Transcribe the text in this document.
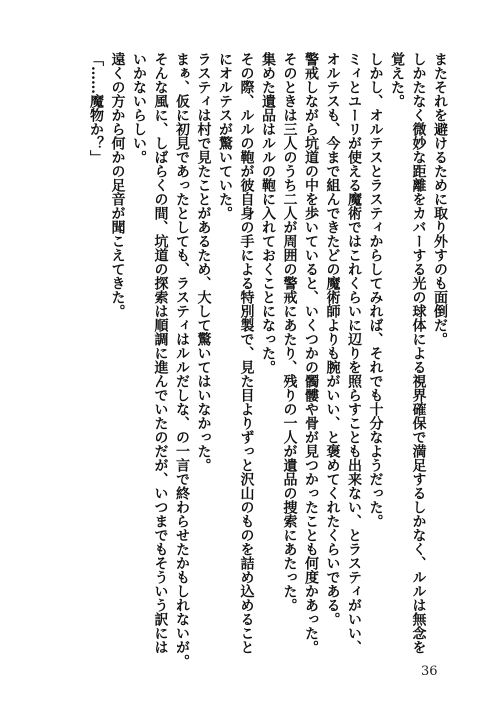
またそれを避けるために取り外すのも面倒だ。
しかたなく微妙な距離をカバーする光の球体による視界確保で満足するしかなく、ルルは無念を
覚えた。
しかし、オルテスとラスティからしてみれば、それでも十分なようだった。
ミィとユーリが使える魔術ではこれくらいに辺りを照らすことも出来ない、とラスティがいい、
オルテスも、今まで組んできたどの魔術師よりも腕がいい、と褒めてくれたくらいである。
警戒しながら坑道の中を歩いていると、いくつかの髑髏や骨が見つかったことも何度かあった。
そのときは三人のうち二人が周囲の警戒にあたり、残りの一人が遺品の捜索にあたった。
集めた遺品はルルの鞄に入れておくことになった。
その際、ルルの鞄が彼自身の手による特別製で、見た目よりずっと沢山のものを詰め込めること
にオルテスが驚いていた。
ラスティは村で見たことがあるため、大して驚いてはいなかった。
まぁ、仮に初見であったとしても、ラスティはルルだしな、の一言で終わらせたかもしれないが。
そんな風に、しばらくの間、坑道の探索は順調に進んでいたのだが、いつまでもそういう訳には
いかないらしい。
遠くの方から何かの足音が聞こえてきた。
「……魔物か？」
36
